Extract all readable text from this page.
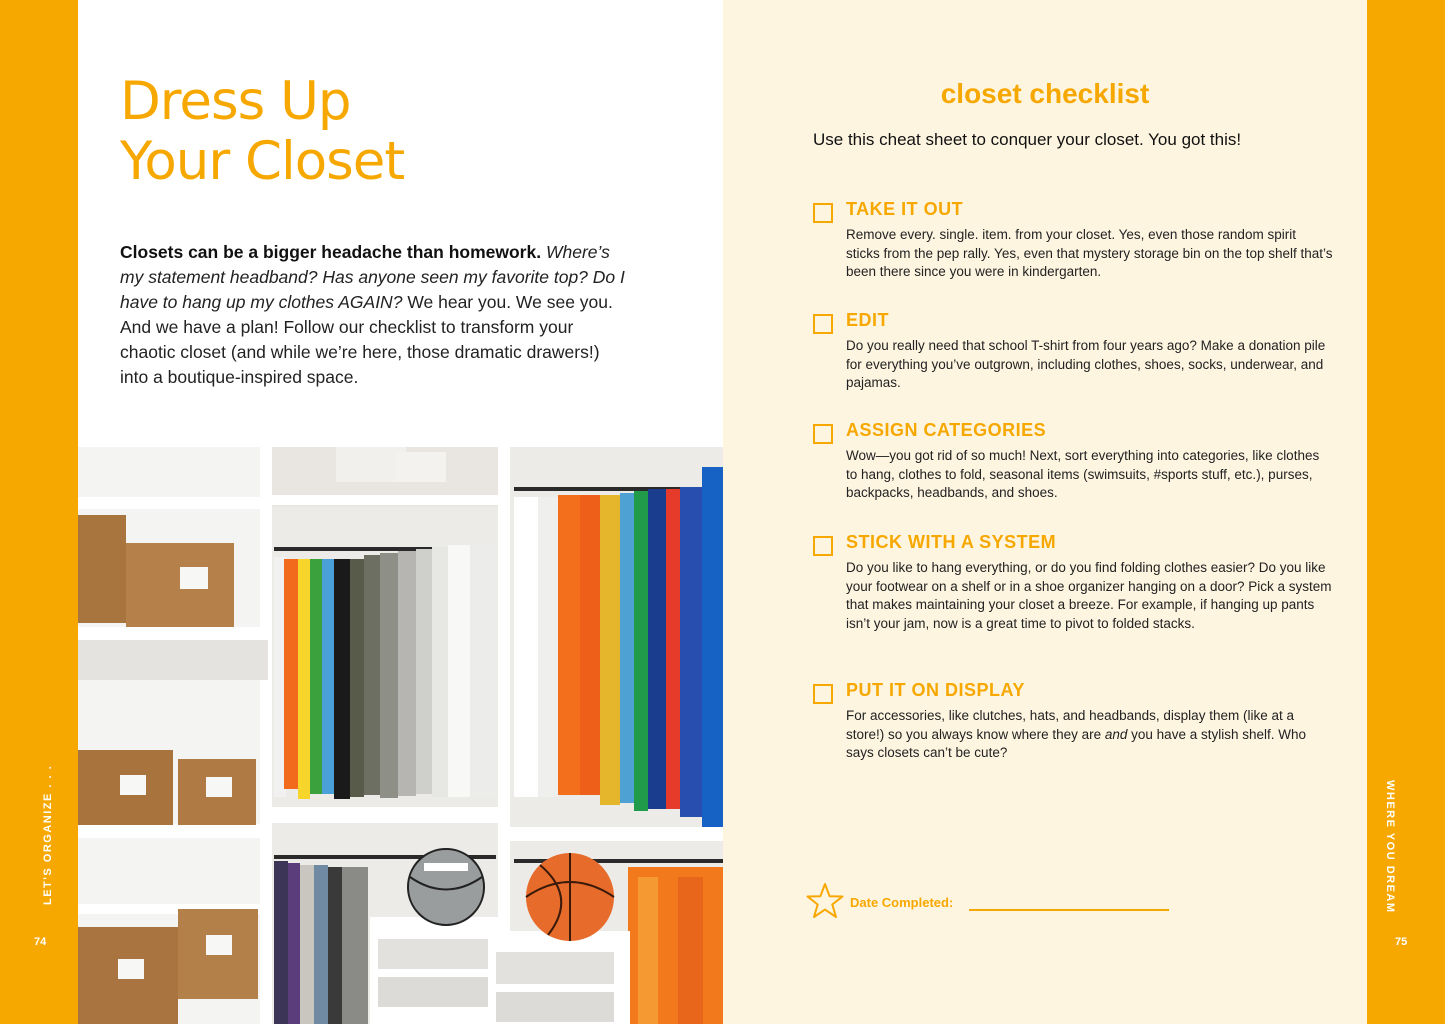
LET'S ORGANIZE . . .
74
WHERE YOU DREAM
75
Dress Up
Your Closet

Closets can be a bigger headache than homework. Where’s my statement headband? Has anyone seen my favorite top? Do I have to hang up my clothes AGAIN? We hear you. We see you. And we have a plan! Follow our checklist to transform your chaotic closet (and while we’re here, those dramatic drawers!) into a boutique-inspired space.

closet checklist

Use this cheat sheet to conquer your closet. You got this!

TAKE IT OUT

Remove every. single. item. from your closet. Yes, even those random spirit sticks from the pep rally. Yes, even that mystery storage bin on the top shelf that’s been there since you were in kindergarten.

EDIT

Do you really need that school T-shirt from four years ago? Make a donation pile for everything you’ve outgrown, including clothes, shoes, socks, underwear, and pajamas.

ASSIGN CATEGORIES

Wow—you got rid of so much! Next, sort everything into categories, like clothes to hang, clothes to fold, seasonal items (swimsuits, #sports stuff, etc.), purses, backpacks, headbands, and shoes.

STICK WITH A SYSTEM

Do you like to hang everything, or do you find folding clothes easier? Do you like your footwear on a shelf or in a shoe organizer hanging on a door? Pick a system that makes maintaining your closet a breeze. For example, if hanging up pants isn’t your jam, now is a great time to pivot to folded stacks.

PUT IT ON DISPLAY

For accessories, like clutches, hats, and headbands, display them (like at a store!) so you always know where they are and you have a stylish shelf. Who says closets can’t be cute?

Date Completed:
